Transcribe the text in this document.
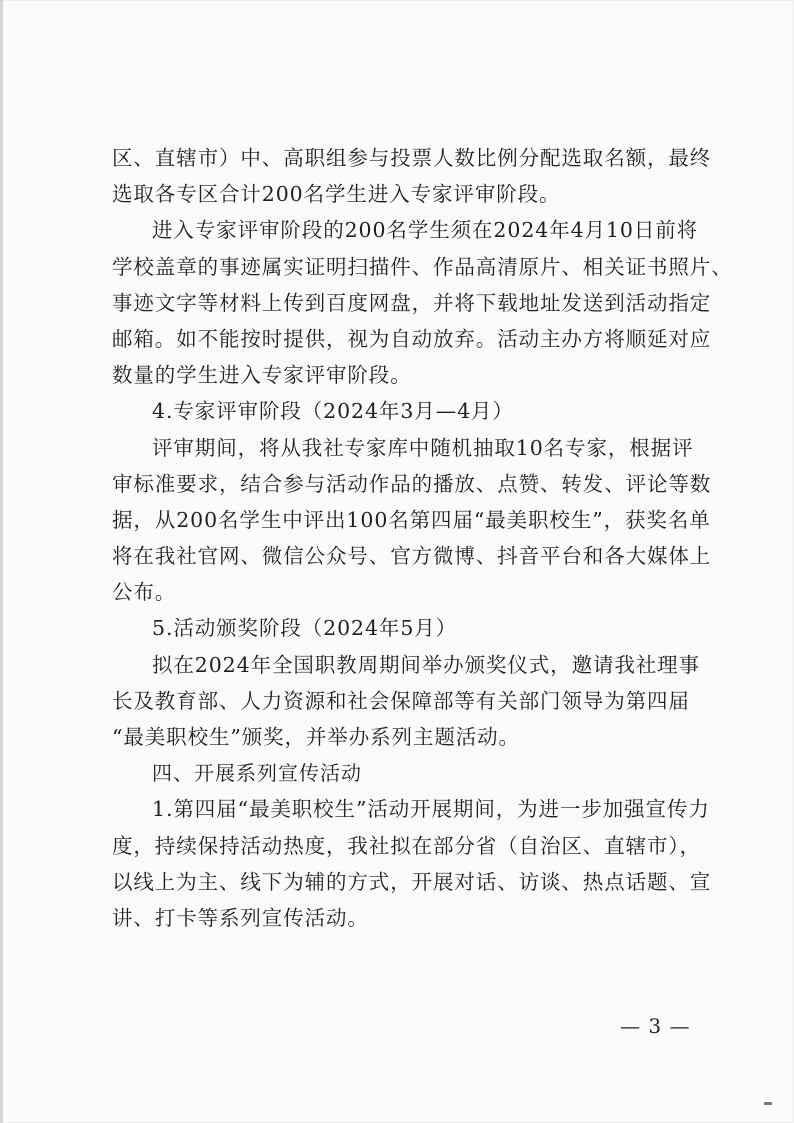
区、直辖市）中、高职组参与投票人数比例分配选取名额，最终
选取各专区合计200名学生进入专家评审阶段。
进入专家评审阶段的200名学生须在2024年4月10日前将
学校盖章的事迹属实证明扫描件、作品高清原片、相关证书照片、
事迹文字等材料上传到百度网盘，并将下载地址发送到活动指定
邮箱。如不能按时提供，视为自动放弃。活动主办方将顺延对应
数量的学生进入专家评审阶段。
4.专家评审阶段（2024年3月—4月）
评审期间，将从我社专家库中随机抽取10名专家，根据评
审标准要求，结合参与活动作品的播放、点赞、转发、评论等数
据，从200名学生中评出100名第四届“最美职校生”，获奖名单
将在我社官网、微信公众号、官方微博、抖音平台和各大媒体上
公布。
5.活动颁奖阶段（2024年5月）
拟在2024年全国职教周期间举办颁奖仪式，邀请我社理事
长及教育部、人力资源和社会保障部等有关部门领导为第四届
“最美职校生”颁奖，并举办系列主题活动。
四、开展系列宣传活动
1.第四届“最美职校生”活动开展期间，为进一步加强宣传力
度，持续保持活动热度，我社拟在部分省（自治区、直辖市），
以线上为主、线下为辅的方式，开展对话、访谈、热点话题、宣
讲、打卡等系列宣传活动。
— 3 —
